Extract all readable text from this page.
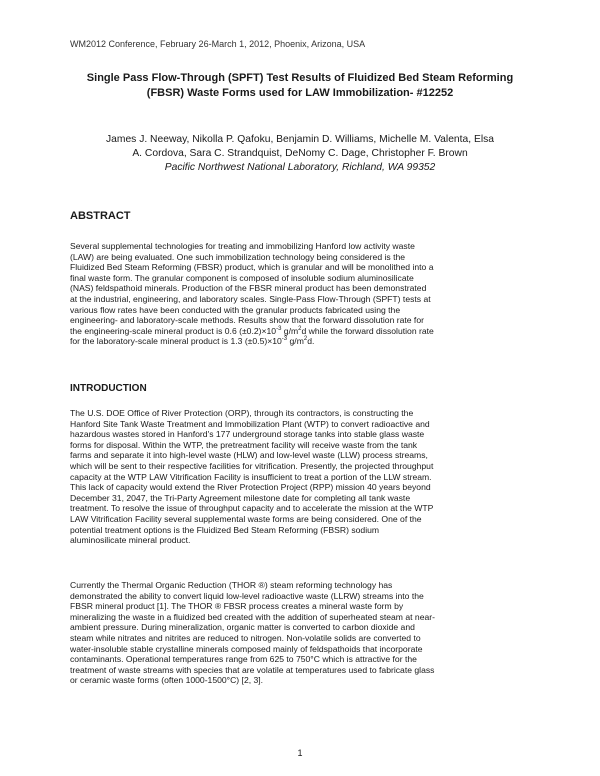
WM2012 Conference, February 26-March 1, 2012, Phoenix, Arizona, USA
Single Pass Flow-Through (SPFT) Test Results of Fluidized Bed Steam Reforming
(FBSR) Waste Forms used for LAW Immobilization- #12252
James J. Neeway, Nikolla P. Qafoku, Benjamin D. Williams, Michelle M. Valenta, Elsa
A. Cordova, Sara C. Strandquist, DeNomy C. Dage, Christopher F. Brown
Pacific Northwest National Laboratory, Richland, WA 99352
ABSTRACT
Several supplemental technologies for treating and immobilizing Hanford low activity waste
(LAW) are being evaluated. One such immobilization technology being considered is the
Fluidized Bed Steam Reforming (FBSR) product, which is granular and will be monolithed into a
final waste form. The granular component is composed of insoluble sodium aluminosilicate
(NAS) feldspathoid minerals. Production of the FBSR mineral product has been demonstrated
at the industrial, engineering, and laboratory scales. Single-Pass Flow-Through (SPFT) tests at
various flow rates have been conducted with the granular products fabricated using the
engineering- and laboratory-scale methods. Results show that the forward dissolution rate for
the engineering-scale mineral product is 0.6 $(\pm 0.2)\times 10^{-3}$ $g/m^2d$ while the forward dissolution rate
for the laboratory-scale mineral product is 1.3 $(\pm 0.5)\times 10^{-3}$ $g/m^2d$.
INTRODUCTION
The U.S. DOE Office of River Protection (ORP), through its contractors, is constructing the
Hanford Site Tank Waste Treatment and Immobilization Plant (WTP) to convert radioactive and
hazardous wastes stored in Hanford's 177 underground storage tanks into stable glass waste
forms for disposal. Within the WTP, the pretreatment facility will receive waste from the tank
farms and separate it into high-level waste (HLW) and low-level waste (LLW) process streams,
which will be sent to their respective facilities for vitrification. Presently, the projected throughput
capacity at the WTP LAW Vitrification Facility is insufficient to treat a portion of the LLW stream.
This lack of capacity would extend the River Protection Project (RPP) mission 40 years beyond
December 31, 2047, the Tri-Party Agreement milestone date for completing all tank waste
treatment. To resolve the issue of throughput capacity and to accelerate the mission at the WTP
LAW Vitrification Facility several supplemental waste forms are being considered. One of the
potential treatment options is the Fluidized Bed Steam Reforming (FBSR) sodium
aluminosilicate mineral product.
Currently the Thermal Organic Reduction (THOR ®) steam reforming technology has
demonstrated the ability to convert liquid low-level radioactive waste (LLRW) streams into the
FBSR mineral product [1]. The THOR ® FBSR process creates a mineral waste form by
mineralizing the waste in a fluidized bed created with the addition of superheated steam at near-
ambient pressure. During mineralization, organic matter is converted to carbon dioxide and
steam while nitrates and nitrites are reduced to nitrogen. Non-volatile solids are converted to
water-insoluble stable crystalline minerals composed mainly of feldspathoids that incorporate
contaminants. Operational temperatures range from 625 to 750°C which is attractive for the
treatment of waste streams with species that are volatile at temperatures used to fabricate glass
or ceramic waste forms (often 1000-1500°C) [2, 3].
1
